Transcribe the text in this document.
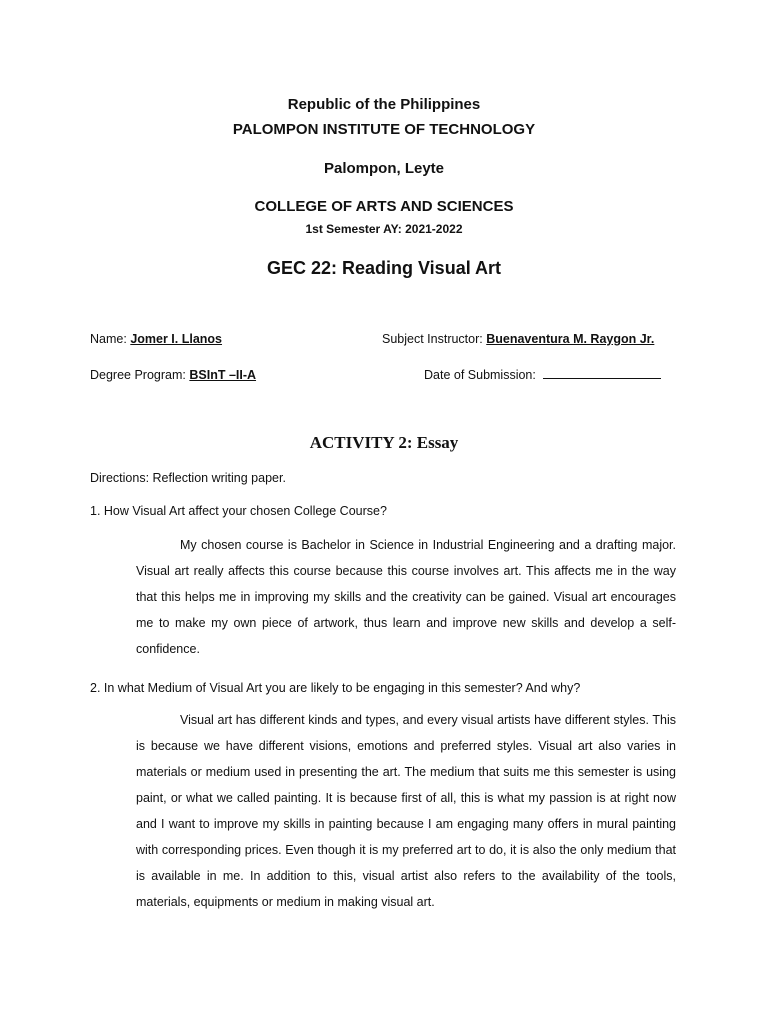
Republic of the Philippines
PALOMPON INSTITUTE OF TECHNOLOGY
Palompon, Leyte
COLLEGE OF ARTS AND SCIENCES
1st Semester AY: 2021-2022
GEC 22: Reading Visual Art
Name: Jomer I. Llanos	Subject Instructor: Buenaventura M. Raygon Jr.
Degree Program: BSInT –II-A	Date of Submission:
ACTIVITY 2: Essay
Directions: Reflection writing paper.
1. How Visual Art affect your chosen College Course?

My chosen course is Bachelor in Science in Industrial Engineering and a drafting major. Visual art really affects this course because this course involves art. This affects me in the way that this helps me in improving my skills and the creativity can be gained. Visual art encourages me to make my own piece of artwork, thus learn and improve new skills and develop a self-confidence.

2. In what Medium of Visual Art you are likely to be engaging in this semester? And why?

Visual art has different kinds and types, and every visual artists have different styles. This is because we have different visions, emotions and preferred styles. Visual art also varies in materials or medium used in presenting the art. The medium that suits me this semester is using paint, or what we called painting. It is because first of all, this is what my passion is at right now and I want to improve my skills in painting because I am engaging many offers in mural painting with corresponding prices. Even though it is my preferred art to do, it is also the only medium that is available in me. In addition to this, visual artist also refers to the availability of the tools, materials, equipments or medium in making visual art.
